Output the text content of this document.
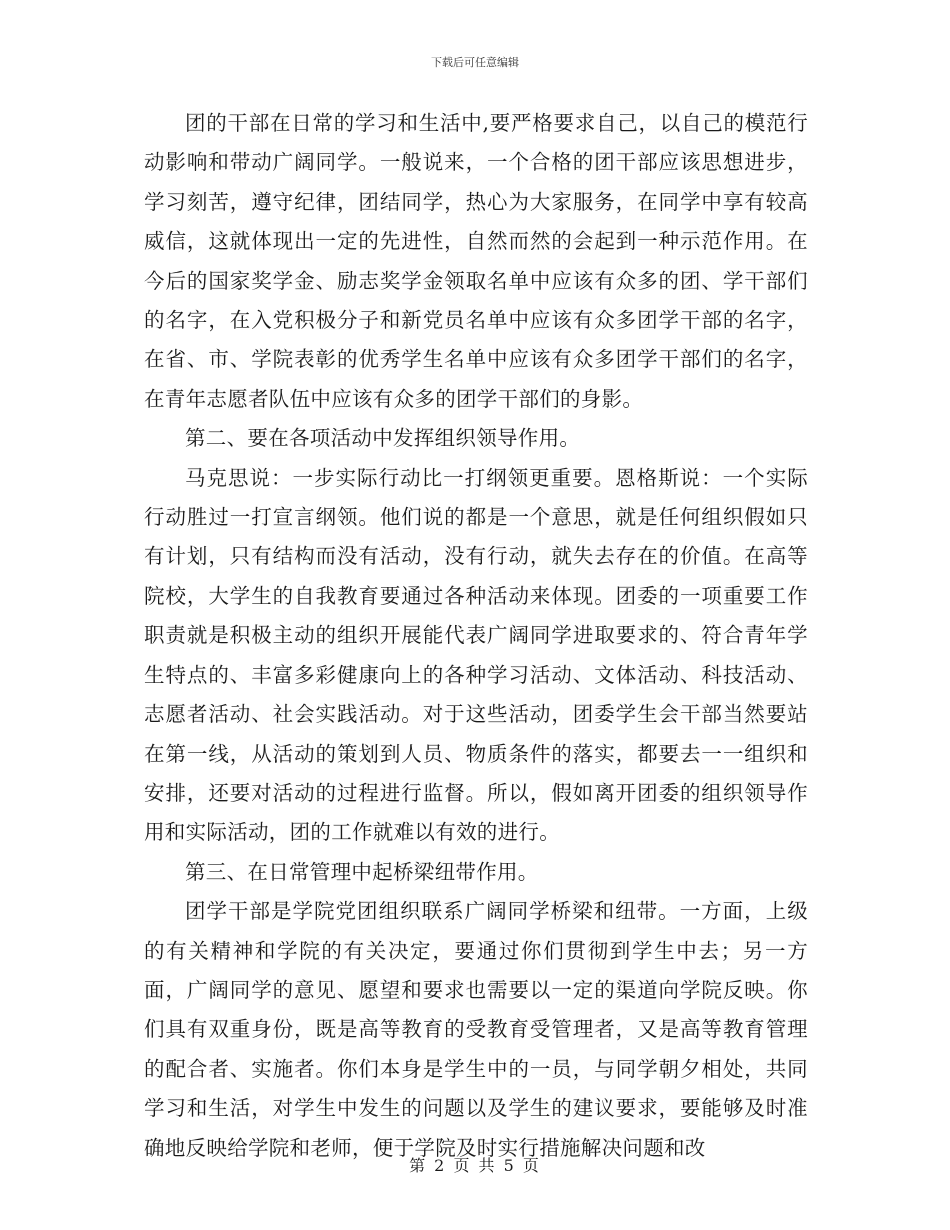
下载后可任意编辑

团的干部在日常的学习和生活中,要严格要求自己，以自己的模范行动影响和带动广阔同学。一般说来，一个合格的团干部应该思想进步，学习刻苦，遵守纪律，团结同学，热心为大家服务，在同学中享有较高威信，这就体现出一定的先进性，自然而然的会起到一种示范作用。在今后的国家奖学金、励志奖学金领取名单中应该有众多的团、学干部们的名字，在入党积极分子和新党员名单中应该有众多团学干部的名字，在省、市、学院表彰的优秀学生名单中应该有众多团学干部们的名字，在青年志愿者队伍中应该有众多的团学干部们的身影。

第二、要在各项活动中发挥组织领导作用。

马克思说：一步实际行动比一打纲领更重要。恩格斯说：一个实际行动胜过一打宣言纲领。他们说的都是一个意思，就是任何组织假如只有计划，只有结构而没有活动，没有行动，就失去存在的价值。在高等院校，大学生的自我教育要通过各种活动来体现。团委的一项重要工作职责就是积极主动的组织开展能代表广阔同学进取要求的、符合青年学生特点的、丰富多彩健康向上的各种学习活动、文体活动、科技活动、志愿者活动、社会实践活动。对于这些活动，团委学生会干部当然要站在第一线，从活动的策划到人员、物质条件的落实，都要去一一组织和安排，还要对活动的过程进行监督。所以，假如离开团委的组织领导作用和实际活动，团的工作就难以有效的进行。

第三、在日常管理中起桥梁纽带作用。

团学干部是学院党团组织联系广阔同学桥梁和纽带。一方面，上级的有关精神和学院的有关决定，要通过你们贯彻到学生中去；另一方面，广阔同学的意见、愿望和要求也需要以一定的渠道向学院反映。你们具有双重身份，既是高等教育的受教育受管理者，又是高等教育管理的配合者、实施者。你们本身是学生中的一员，与同学朝夕相处，共同学习和生活，对学生中发生的问题以及学生的建议要求，要能够及时准确地反映给学院和老师，便于学院及时实行措施解决问题和改

第 2 页 共 5 页
